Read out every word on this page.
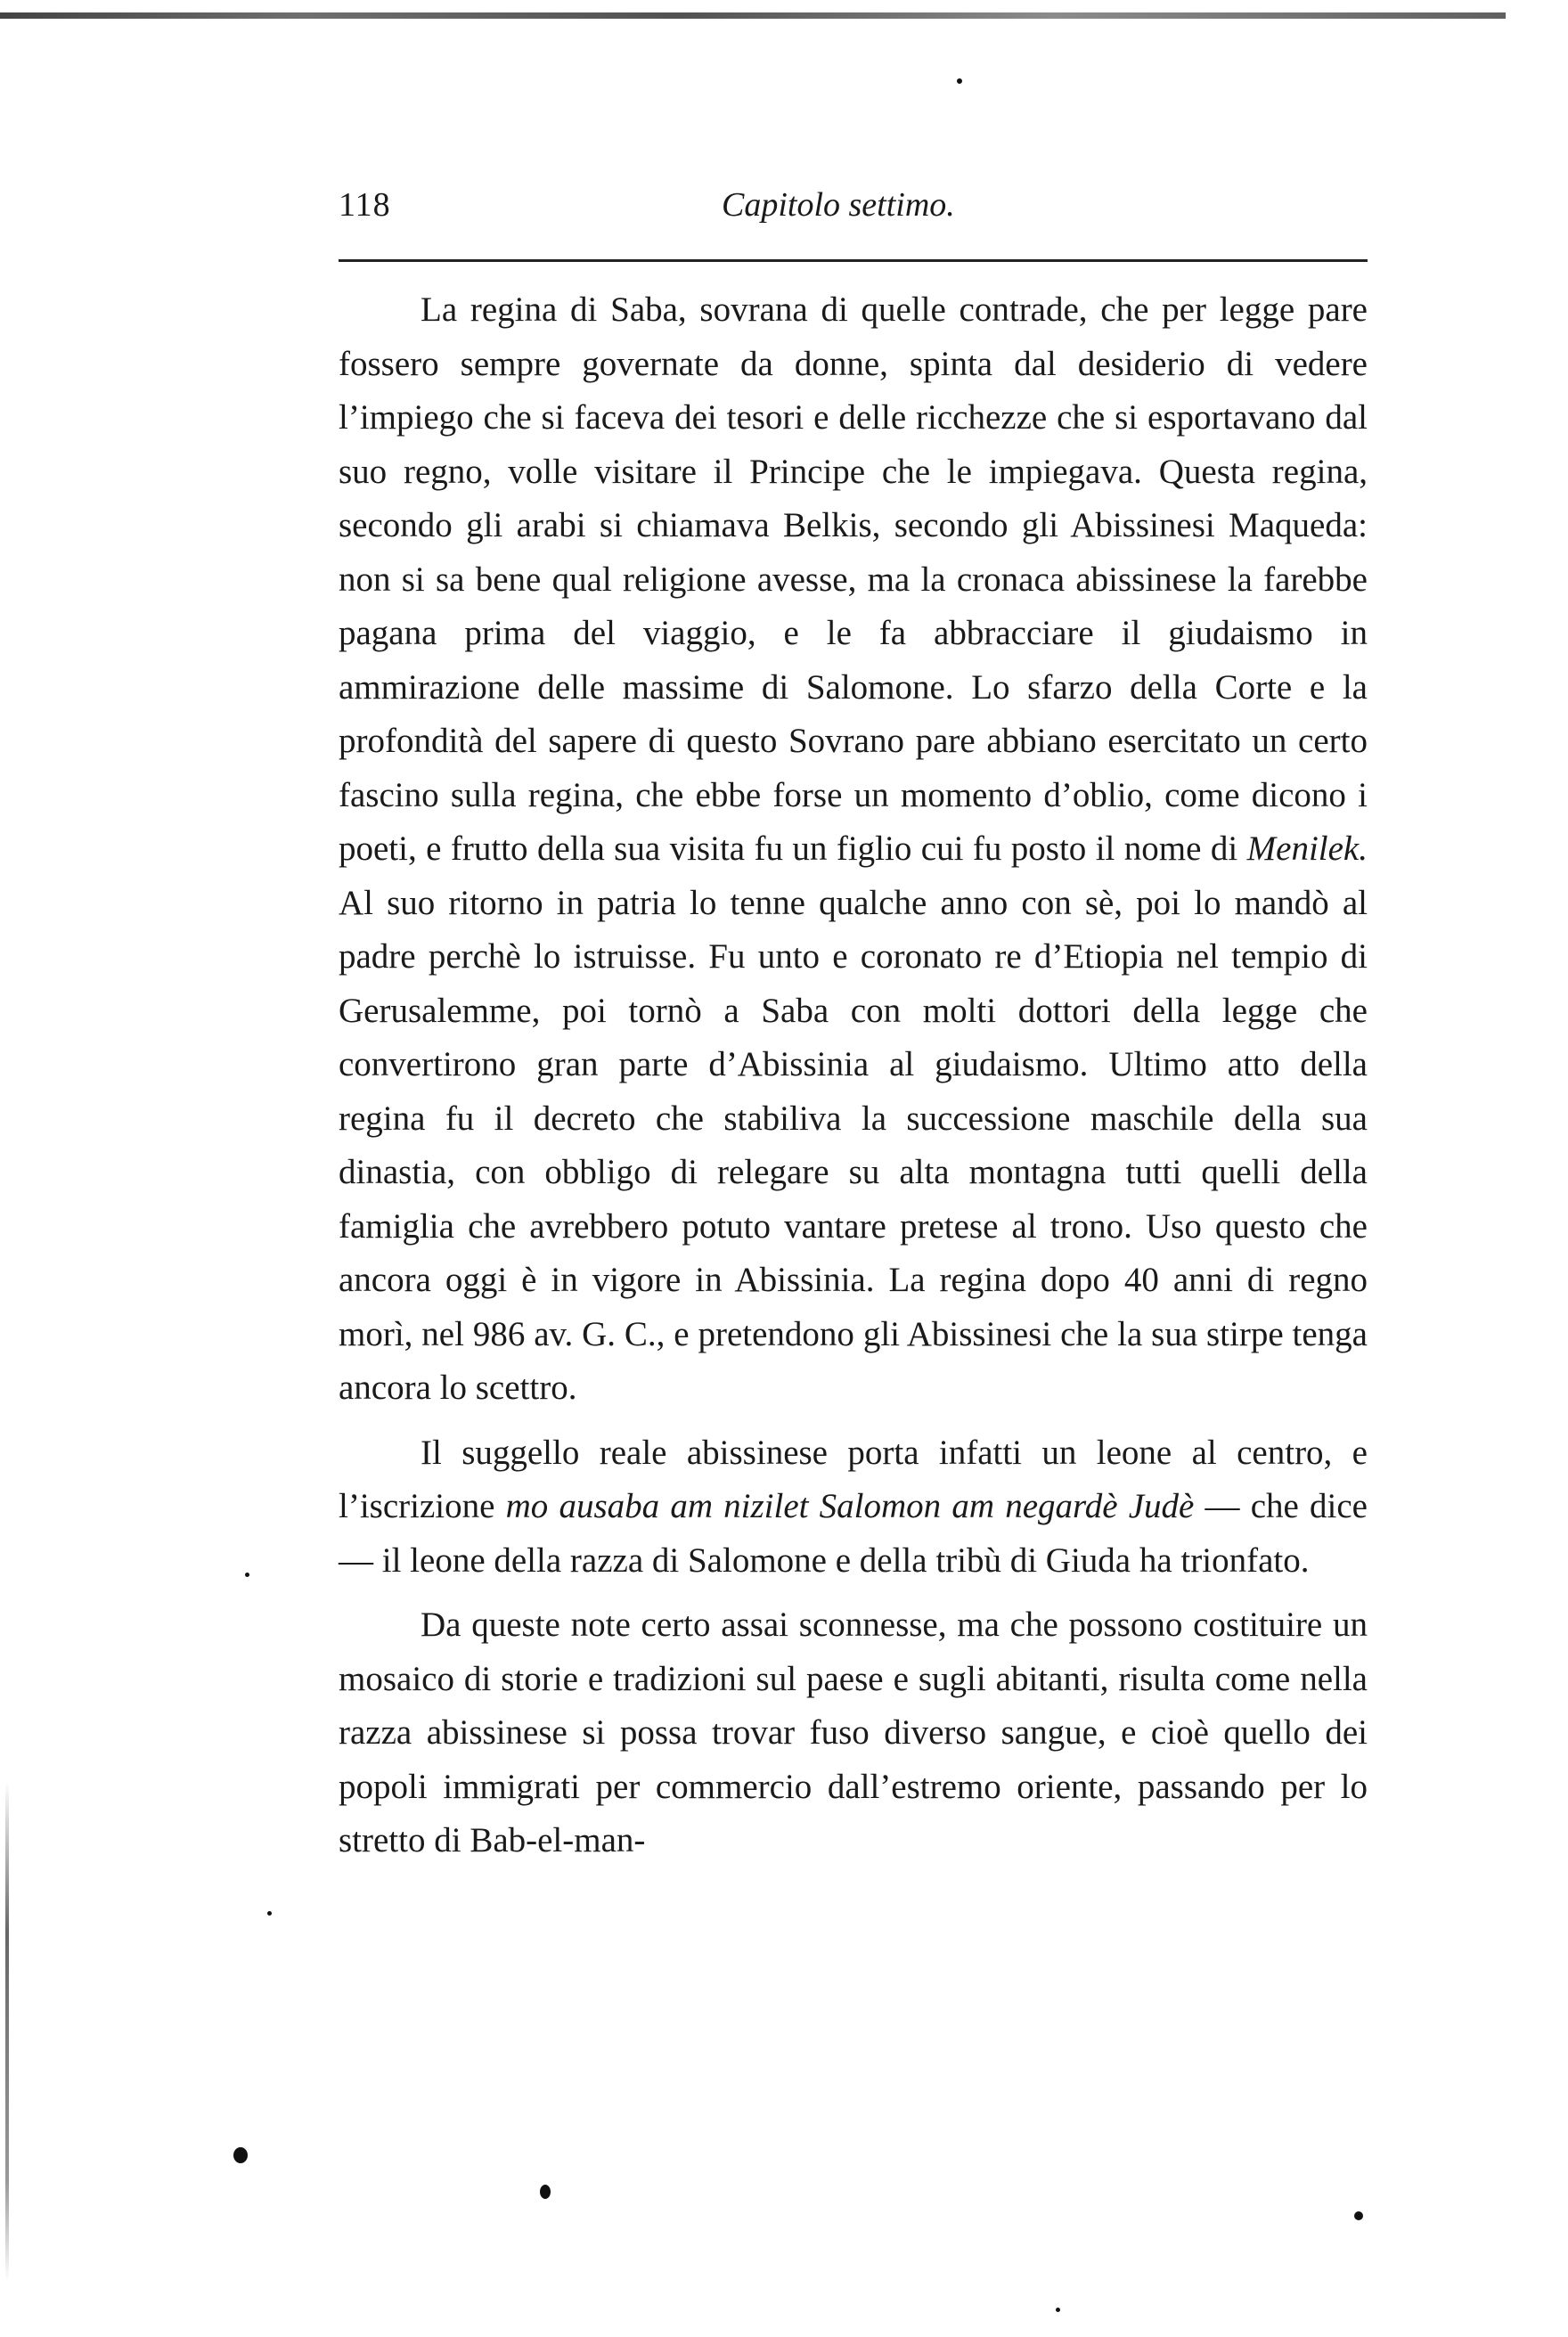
118	Capitolo settimo.

La regina di Saba, sovrana di quelle contrade, che per legge pare fossero sempre governate da donne, spinta dal desiderio di vedere l’impiego che si faceva dei tesori e delle ricchezze che si esportavano dal suo regno, volle visitare il Principe che le impiegava. Questa regina, secondo gli arabi si chiamava Belkis, secondo gli Abissinesi Maqueda: non si sa bene qual religione avesse, ma la cronaca abissinese la farebbe pagana prima del viaggio, e le fa abbracciare il giudaismo in ammirazione delle massime di Salomone. Lo sfarzo della Corte e la profondità del sapere di questo Sovrano pare abbiano esercitato un certo fascino sulla regina, che ebbe forse un momento d’oblio, come dicono i poeti, e frutto della sua visita fu un figlio cui fu posto il nome di Menilek. Al suo ritorno in patria lo tenne qualche anno con sè, poi lo mandò al padre perchè lo istruisse. Fu unto e coronato re d’Etiopia nel tempio di Gerusalemme, poi tornò a Saba con molti dottori della legge che convertirono gran parte d’Abissinia al giudaismo. Ultimo atto della regina fu il decreto che stabiliva la successione maschile della sua dinastia, con obbligo di relegare su alta montagna tutti quelli della famiglia che avrebbero potuto vantare pretese al trono. Uso questo che ancora oggi è in vigore in Abissinia. La regina dopo 40 anni di regno morì, nel 986 av. G. C., e pretendono gli Abissinesi che la sua stirpe tenga ancora lo scettro.

Il suggello reale abissinese porta infatti un leone al centro, e l’iscrizione mo ausaba am nizilet Salomon am negardè Judè — che dice — il leone della razza di Salomone e della tribù di Giuda ha trionfato.

Da queste note certo assai sconnesse, ma che possono costituire un mosaico di storie e tradizioni sul paese e sugli abitanti, risulta come nella razza abissinese si possa trovar fuso diverso sangue, e cioè quello dei popoli immigrati per commercio dall’estremo oriente, passando per lo stretto di Bab-el-man-
